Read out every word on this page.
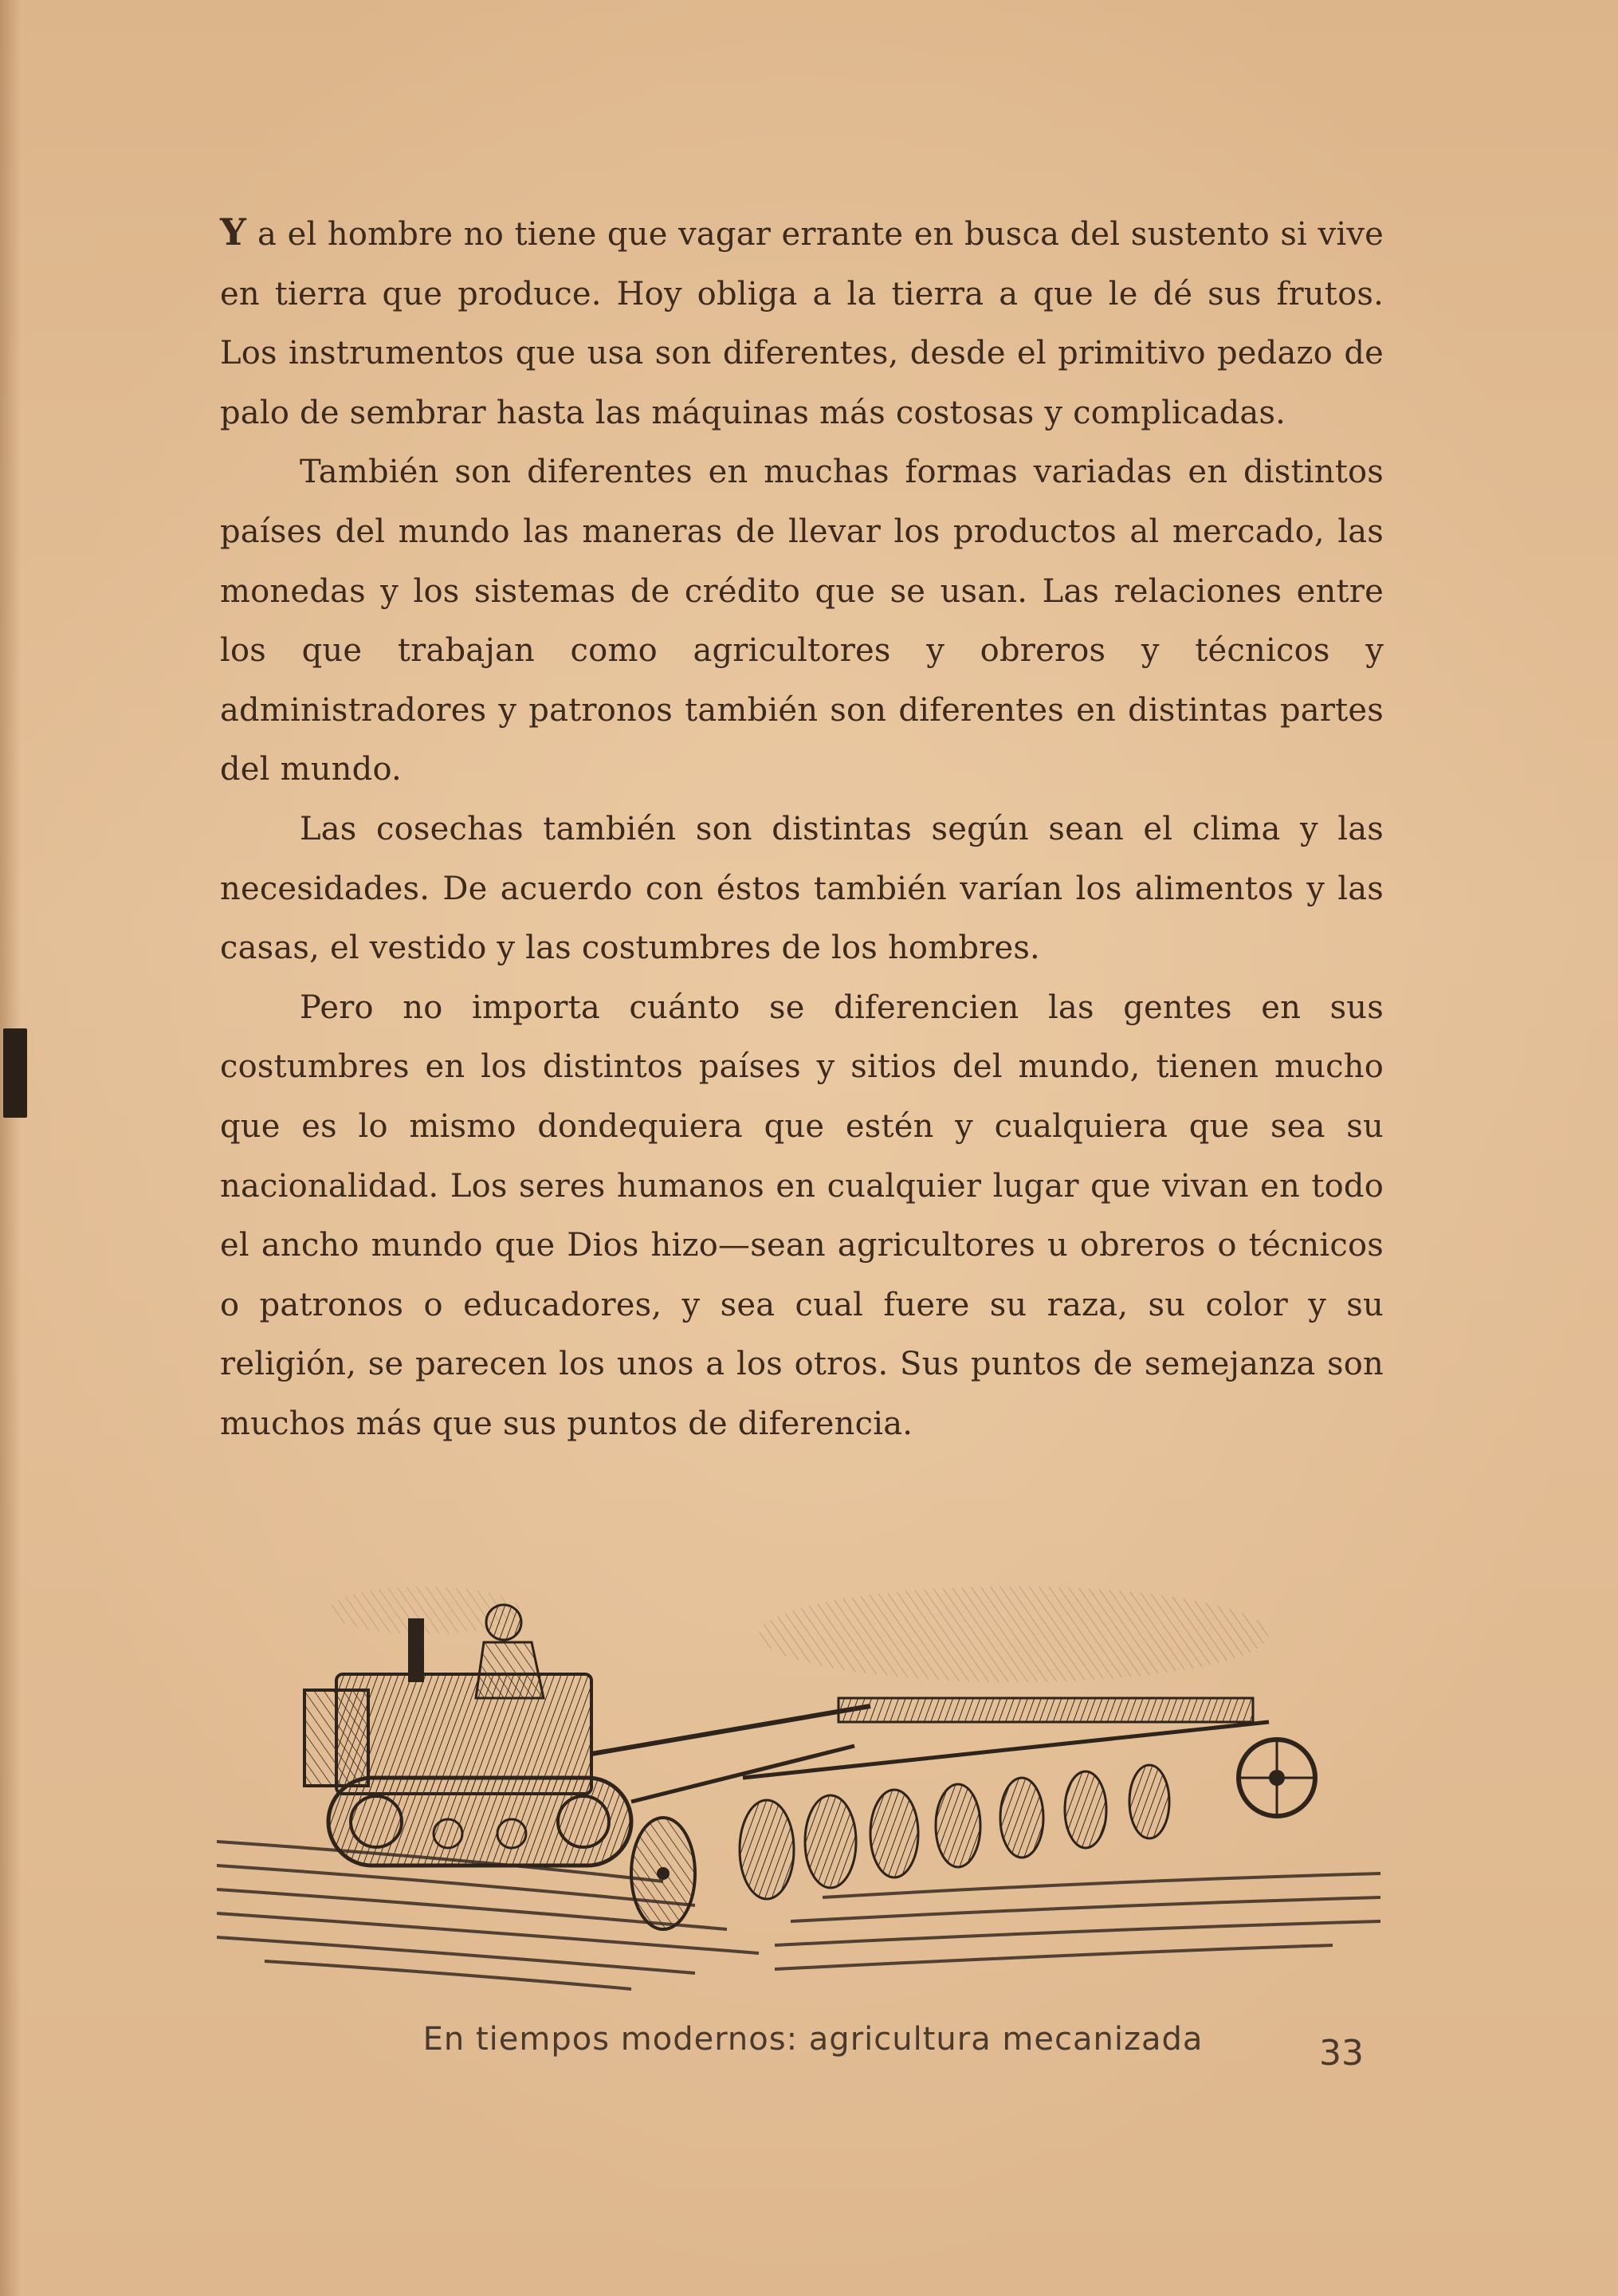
Y a el hombre no tiene que vagar errante en busca del sustento si vive en tierra que produce. Hoy obliga a la tierra a que le dé sus frutos. Los instrumentos que usa son diferentes, desde el primitivo pedazo de palo de sembrar hasta las máquinas más costosas y complicadas.

También son diferentes en muchas formas variadas en distintos países del mundo las maneras de llevar los productos al mercado, las monedas y los sistemas de crédito que se usan. Las relaciones entre los que trabajan como agricultores y obreros y técnicos y administradores y patronos también son diferentes en distintas partes del mundo.

Las cosechas también son distintas según sean el clima y las necesidades. De acuerdo con éstos también varían los alimentos y las casas, el vestido y las costumbres de los hombres.

Pero no importa cuánto se diferencien las gentes en sus costumbres en los distintos países y sitios del mundo, tienen mucho que es lo mismo dondequiera que estén y cualquiera que sea su nacionalidad. Los seres humanos en cualquier lugar que vivan en todo el ancho mundo que Dios hizo—sean agricultores u obreros o técnicos o patronos o educadores, y sea cual fuere su raza, su color y su religión, se parecen los unos a los otros. Sus puntos de semejanza son muchos más que sus puntos de diferencia.

En tiempos modernos: agricultura mecanizada	33
